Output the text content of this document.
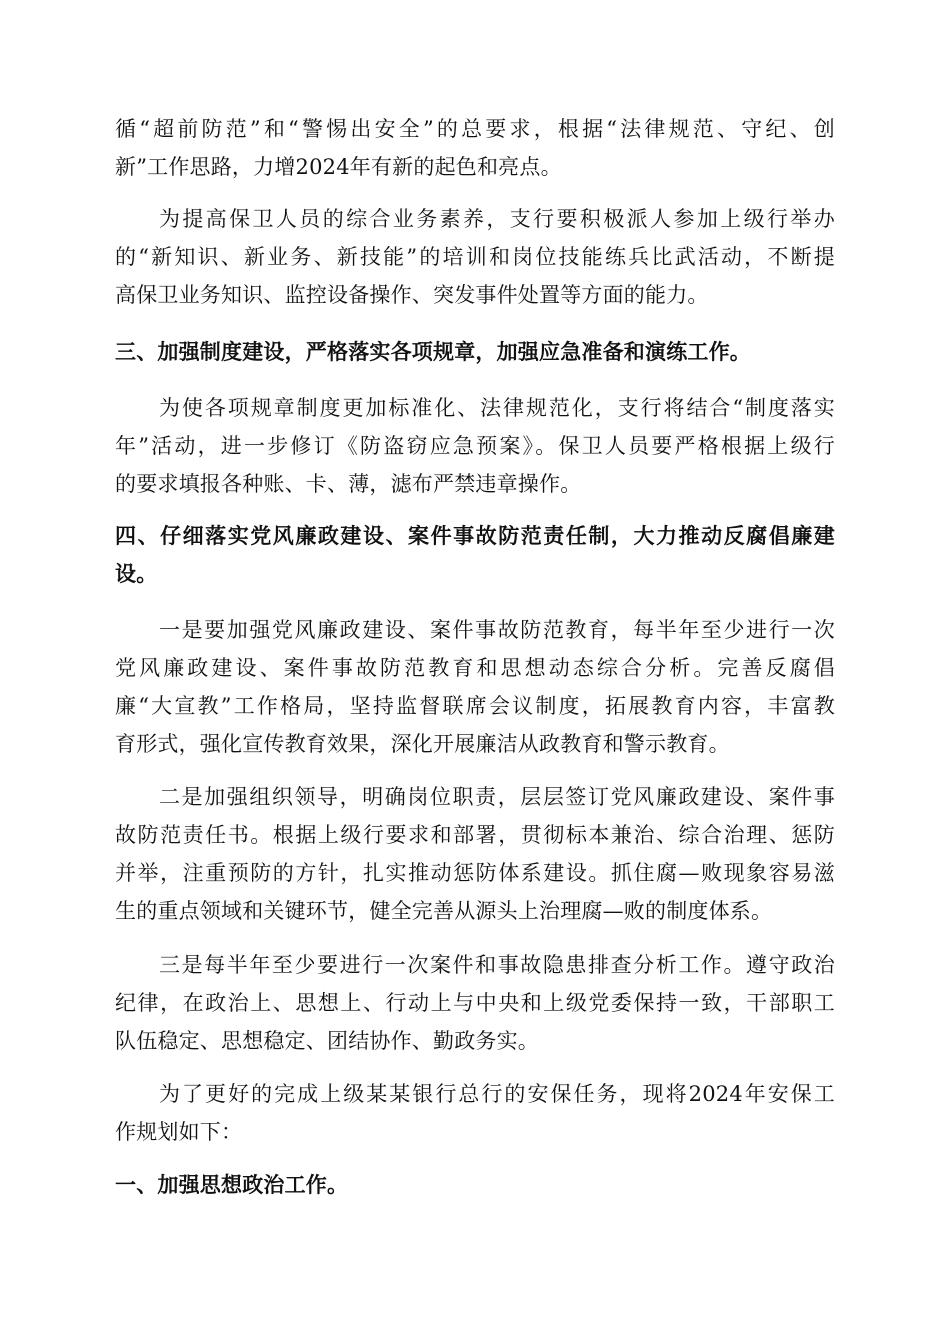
循“超前防范”和“警惕出安全”的总要求，根据“法律规范、守纪、创
新”工作思路，力增2024年有新的起色和亮点。
为提高保卫人员的综合业务素养，支行要积极派人参加上级行举办
的“新知识、新业务、新技能”的培训和岗位技能练兵比武活动，不断提
高保卫业务知识、监控设备操作、突发事件处置等方面的能力。
三、加强制度建设，严格落实各项规章，加强应急准备和演练工作。
为使各项规章制度更加标准化、法律规范化，支行将结合“制度落实
年”活动，进一步修订《防盗窃应急预案》。保卫人员要严格根据上级行
的要求填报各种账、卡、薄，滤布严禁违章操作。
四、仔细落实党风廉政建设、案件事故防范责任制，大力推动反腐倡廉建
设。
一是要加强党风廉政建设、案件事故防范教育，每半年至少进行一次
党风廉政建设、案件事故防范教育和思想动态综合分析。完善反腐倡
廉“大宣教”工作格局，坚持监督联席会议制度，拓展教育内容，丰富教
育形式，强化宣传教育效果，深化开展廉洁从政教育和警示教育。
二是加强组织领导，明确岗位职责，层层签订党风廉政建设、案件事
故防范责任书。根据上级行要求和部署，贯彻标本兼治、综合治理、惩防
并举，注重预防的方针，扎实推动惩防体系建设。抓住腐—败现象容易滋
生的重点领域和关键环节，健全完善从源头上治理腐—败的制度体系。
三是每半年至少要进行一次案件和事故隐患排查分析工作。遵守政治
纪律，在政治上、思想上、行动上与中央和上级党委保持一致，干部职工
队伍稳定、思想稳定、团结协作、勤政务实。
为了更好的完成上级某某银行总行的安保任务，现将2024年安保工
作规划如下：
一、加强思想政治工作。
